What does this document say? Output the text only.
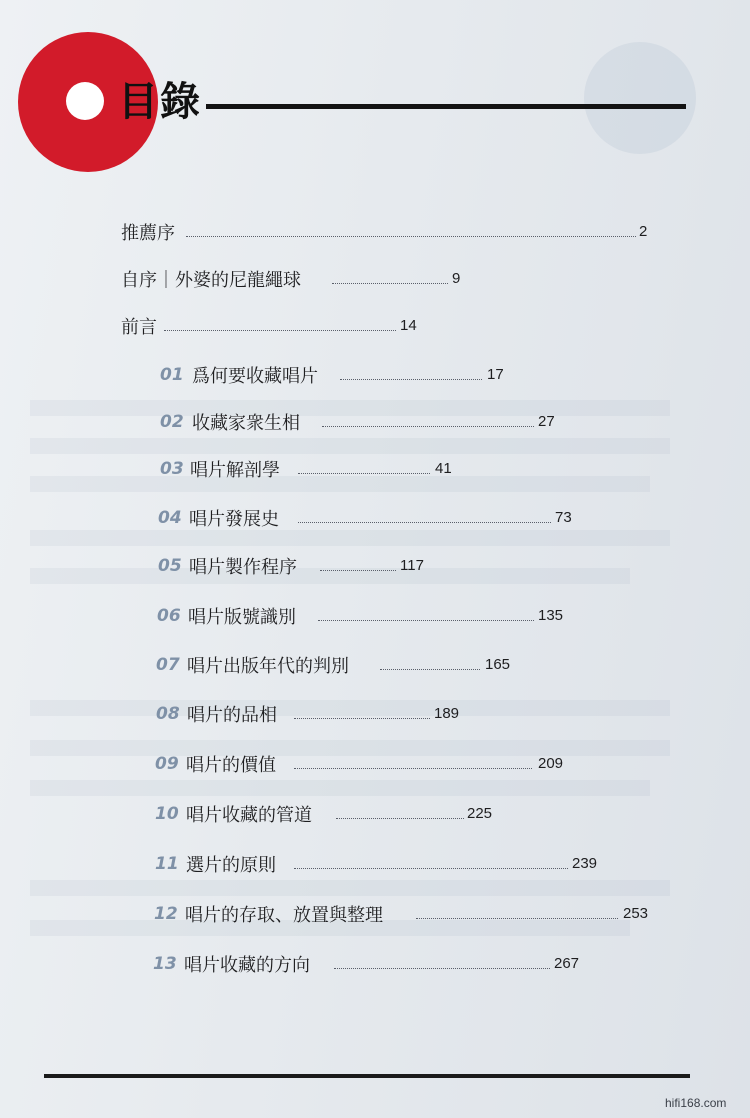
目錄
推薦序	2
自序｜外婆的尼龍繩球	9
前言	14
01 爲何要收藏唱片	17
02 收藏家衆生相	27
03 唱片解剖學	41
04 唱片發展史	73
05 唱片製作程序	117
06 唱片版號識別	135
07 唱片出版年代的判別	165
08 唱片的品相	189
09 唱片的價值	209
10 唱片收藏的管道	225
11 選片的原則	239
12 唱片的存取、放置與整理	253
13 唱片收藏的方向	267
hifi168.com
